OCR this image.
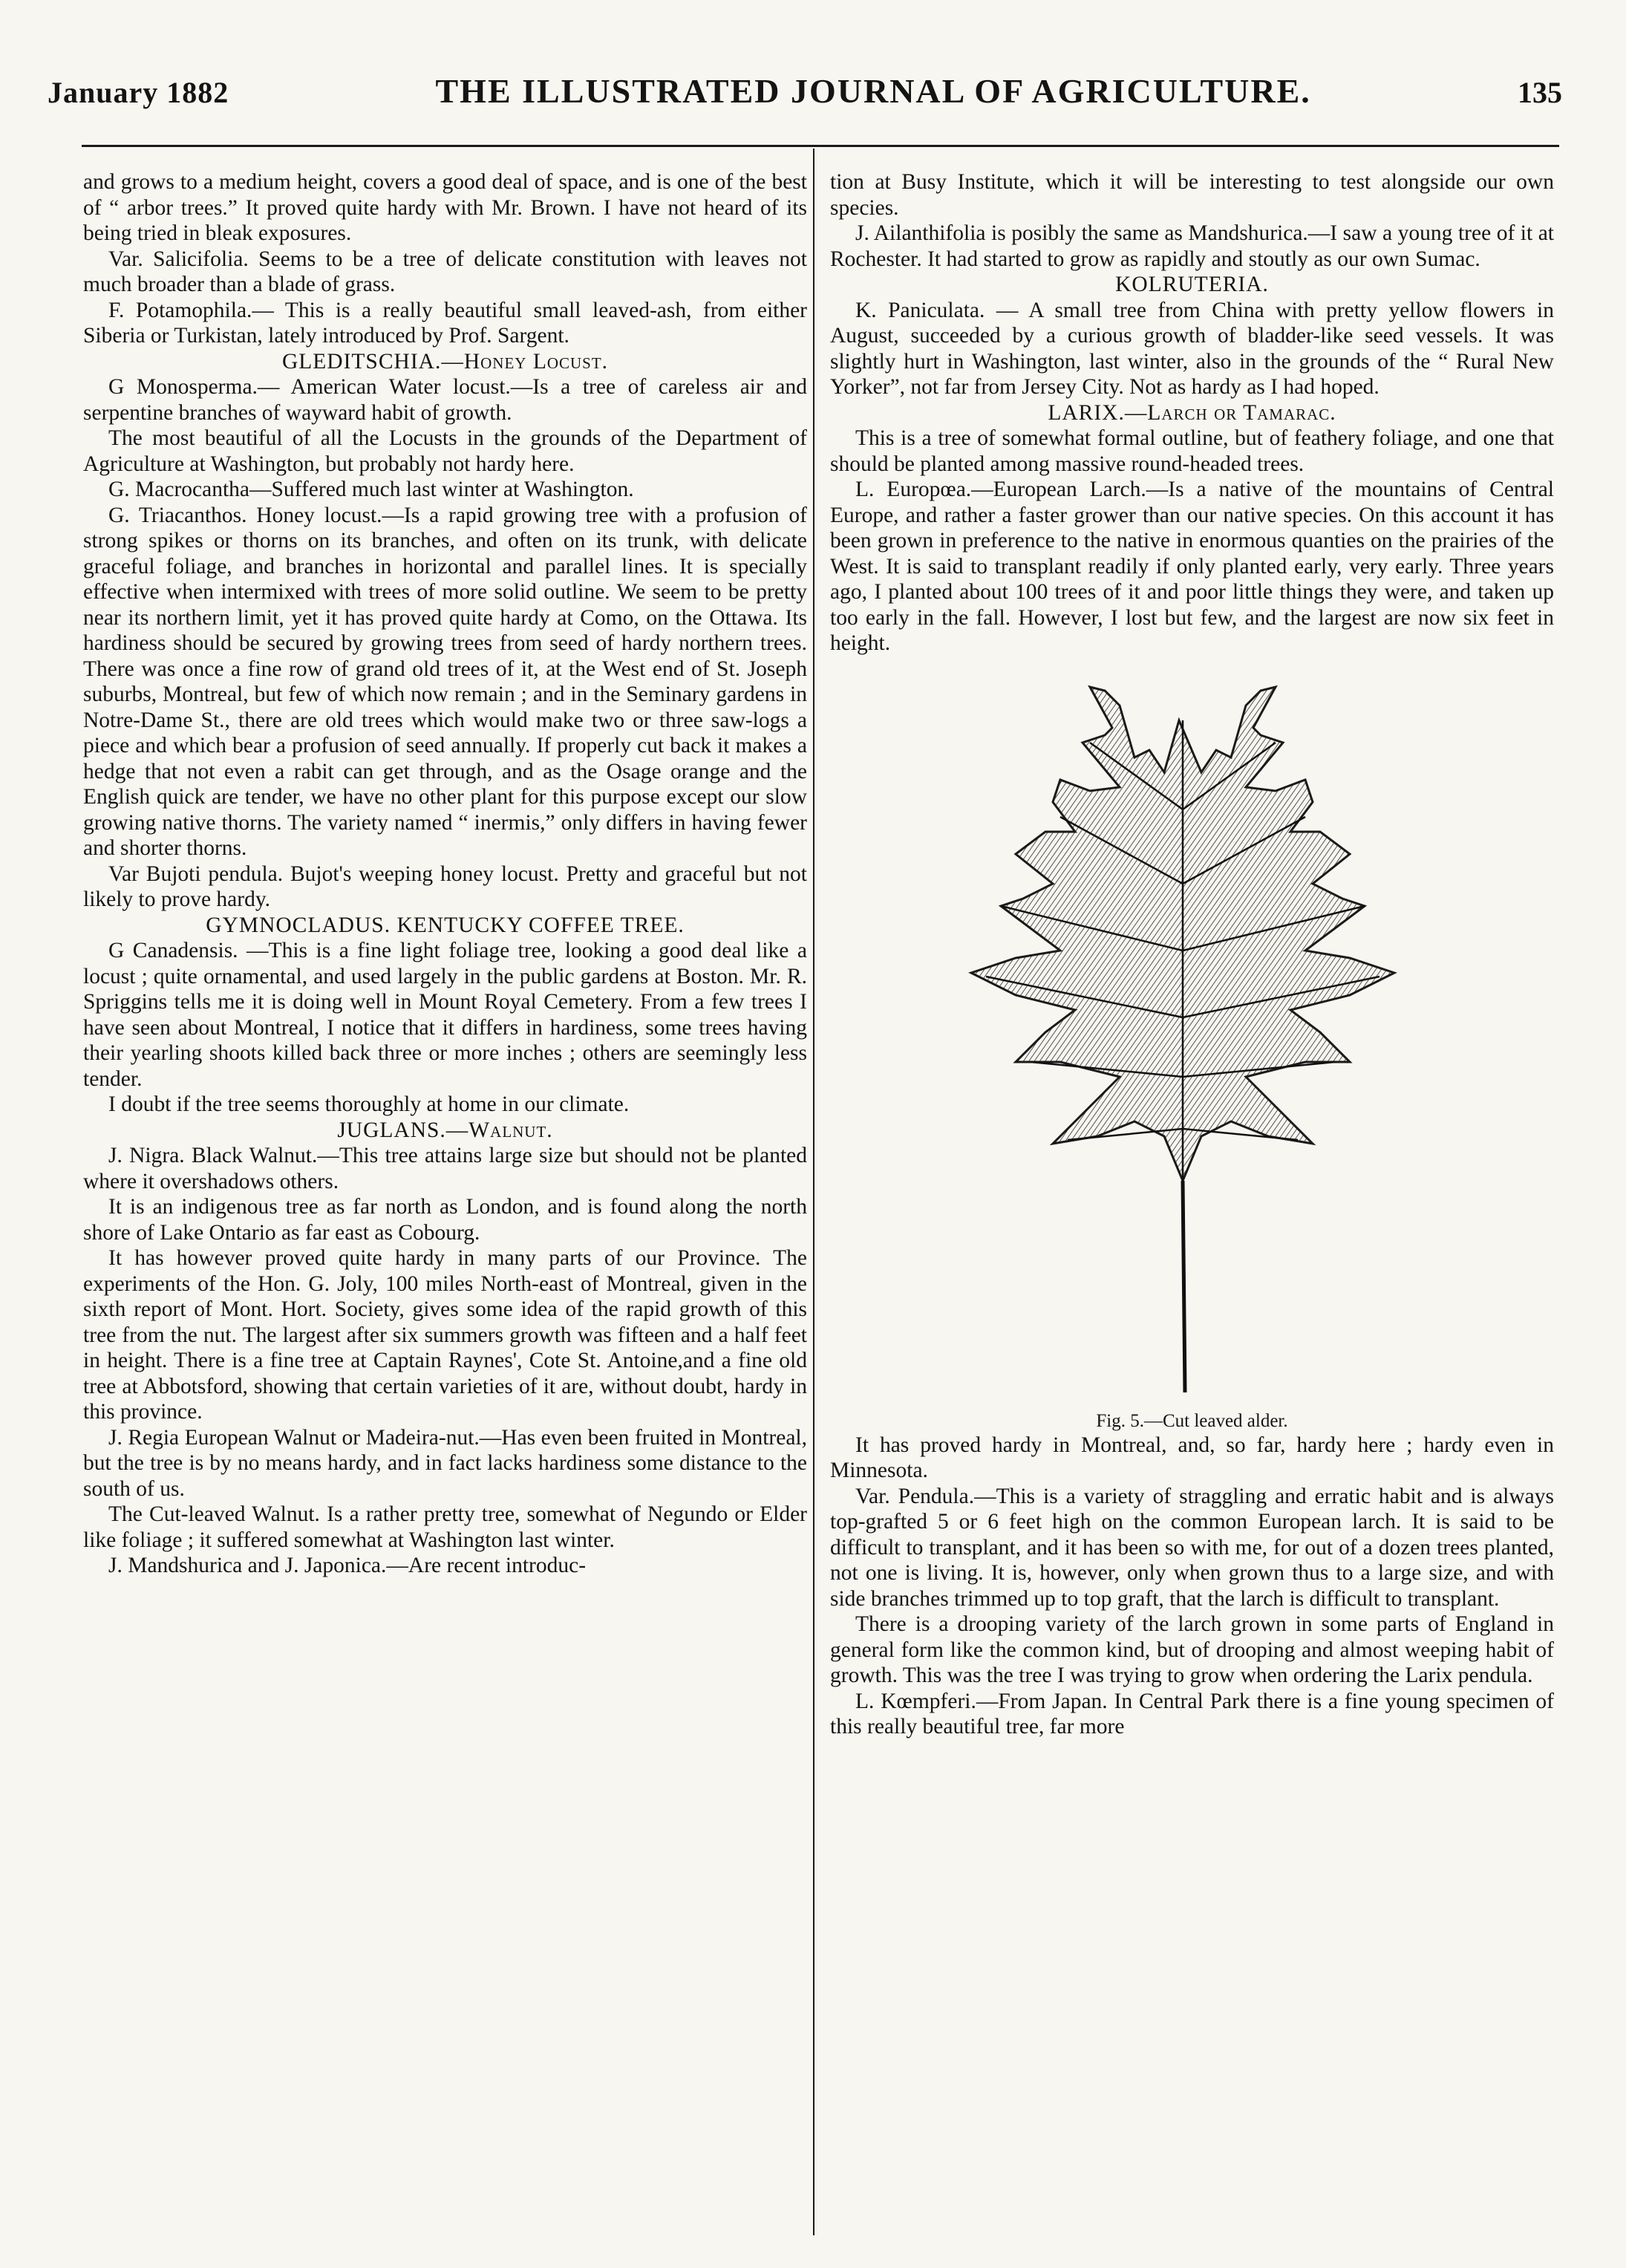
January 1882	THE ILLUSTRATED JOURNAL OF AGRICULTURE.	135

and grows to a medium height, covers a good deal of space, and is one of the best of “ arbor trees.” It proved quite hardy with Mr. Brown. I have not heard of its being tried in bleak exposures.

Var. Salicifolia. Seems to be a tree of delicate constitution with leaves not much broader than a blade of grass.

F. Potamophila.— This is a really beautiful small leaved-ash, from either Siberia or Turkistan, lately introduced by Prof. Sargent.

GLEDITSCHIA.—Honey Locust.

G Monosperma.— American Water locust.—Is a tree of careless air and serpentine branches of wayward habit of growth.

The most beautiful of all the Locusts in the grounds of the Department of Agriculture at Washington, but probably not hardy here.

G. Macrocantha—Suffered much last winter at Washington.

G. Triacanthos. Honey locust.—Is a rapid growing tree with a profusion of strong spikes or thorns on its branches, and often on its trunk, with delicate graceful foliage, and branches in horizontal and parallel lines. It is specially effective when intermixed with trees of more solid outline. We seem to be pretty near its northern limit, yet it has proved quite hardy at Como, on the Ottawa. Its hardiness should be secured by growing trees from seed of hardy northern trees. There was once a fine row of grand old trees of it, at the West end of St. Joseph suburbs, Montreal, but few of which now remain ; and in the Seminary gardens in Notre-Dame St., there are old trees which would make two or three saw-logs a piece and which bear a profusion of seed annually. If properly cut back it makes a hedge that not even a rabit can get through, and as the Osage orange and the English quick are tender, we have no other plant for this purpose except our slow growing native thorns. The variety named “ inermis,” only differs in having fewer and shorter thorns.

Var Bujoti pendula. Bujot's weeping honey locust. Pretty and graceful but not likely to prove hardy.

GYMNOCLADUS. KENTUCKY COFFEE TREE.

G Canadensis. —This is a fine light foliage tree, looking a good deal like a locust ; quite ornamental, and used largely in the public gardens at Boston. Mr. R. Spriggins tells me it is doing well in Mount Royal Cemetery. From a few trees I have seen about Montreal, I notice that it differs in hardiness, some trees having their yearling shoots killed back three or more inches ; others are seemingly less tender.

I doubt if the tree seems thoroughly at home in our climate.

JUGLANS.—Walnut.

J. Nigra. Black Walnut.—This tree attains large size but should not be planted where it overshadows others.

It is an indigenous tree as far north as London, and is found along the north shore of Lake Ontario as far east as Cobourg.

It has however proved quite hardy in many parts of our Province. The experiments of the Hon. G. Joly, 100 miles North-east of Montreal, given in the sixth report of Mont. Hort. Society, gives some idea of the rapid growth of this tree from the nut. The largest after six summers growth was fifteen and a half feet in height. There is a fine tree at Captain Raynes', Cote St. Antoine,and a fine old tree at Abbotsford, showing that certain varieties of it are, without doubt, hardy in this province.

J. Regia European Walnut or Madeira-nut.—Has even been fruited in Montreal, but the tree is by no means hardy, and in fact lacks hardiness some distance to the south of us.

The Cut-leaved Walnut. Is a rather pretty tree, somewhat of Negundo or Elder like foliage ; it suffered somewhat at Washington last winter.

J. Mandshurica and J. Japonica.—Are recent introduc-

tion at Busy Institute, which it will be interesting to test alongside our own species.

J. Ailanthifolia is posibly the same as Mandshurica.—I saw a young tree of it at Rochester. It had started to grow as rapidly and stoutly as our own Sumac.

KOLRUTERIA.

K. Paniculata. — A small tree from China with pretty yellow flowers in August, succeeded by a curious growth of bladder-like seed vessels. It was slightly hurt in Washington, last winter, also in the grounds of the “ Rural New Yorker”, not far from Jersey City. Not as hardy as I had hoped.

LARIX.—Larch or Tamarac.

This is a tree of somewhat formal outline, but of feathery foliage, and one that should be planted among massive round-headed trees.

L. Europœa.—European Larch.—Is a native of the mountains of Central Europe, and rather a faster grower than our native species. On this account it has been grown in preference to the native in enormous quanties on the prairies of the West. It is said to transplant readily if only planted early, very early. Three years ago, I planted about 100 trees of it and poor little things they were, and taken up too early in the fall. However, I lost but few, and the largest are now six feet in height.

Fig. 5.—Cut leaved alder.

It has proved hardy in Montreal, and, so far, hardy here ; hardy even in Minnesota.

Var. Pendula.—This is a variety of straggling and erratic habit and is always top-grafted 5 or 6 feet high on the common European larch. It is said to be difficult to transplant, and it has been so with me, for out of a dozen trees planted, not one is living. It is, however, only when grown thus to a large size, and with side branches trimmed up to top graft, that the larch is difficult to transplant.

There is a drooping variety of the larch grown in some parts of England in general form like the common kind, but of drooping and almost weeping habit of growth. This was the tree I was trying to grow when ordering the Larix pendula.

L. Kœmpferi.—From Japan. In Central Park there is a fine young specimen of this really beautiful tree, far more
